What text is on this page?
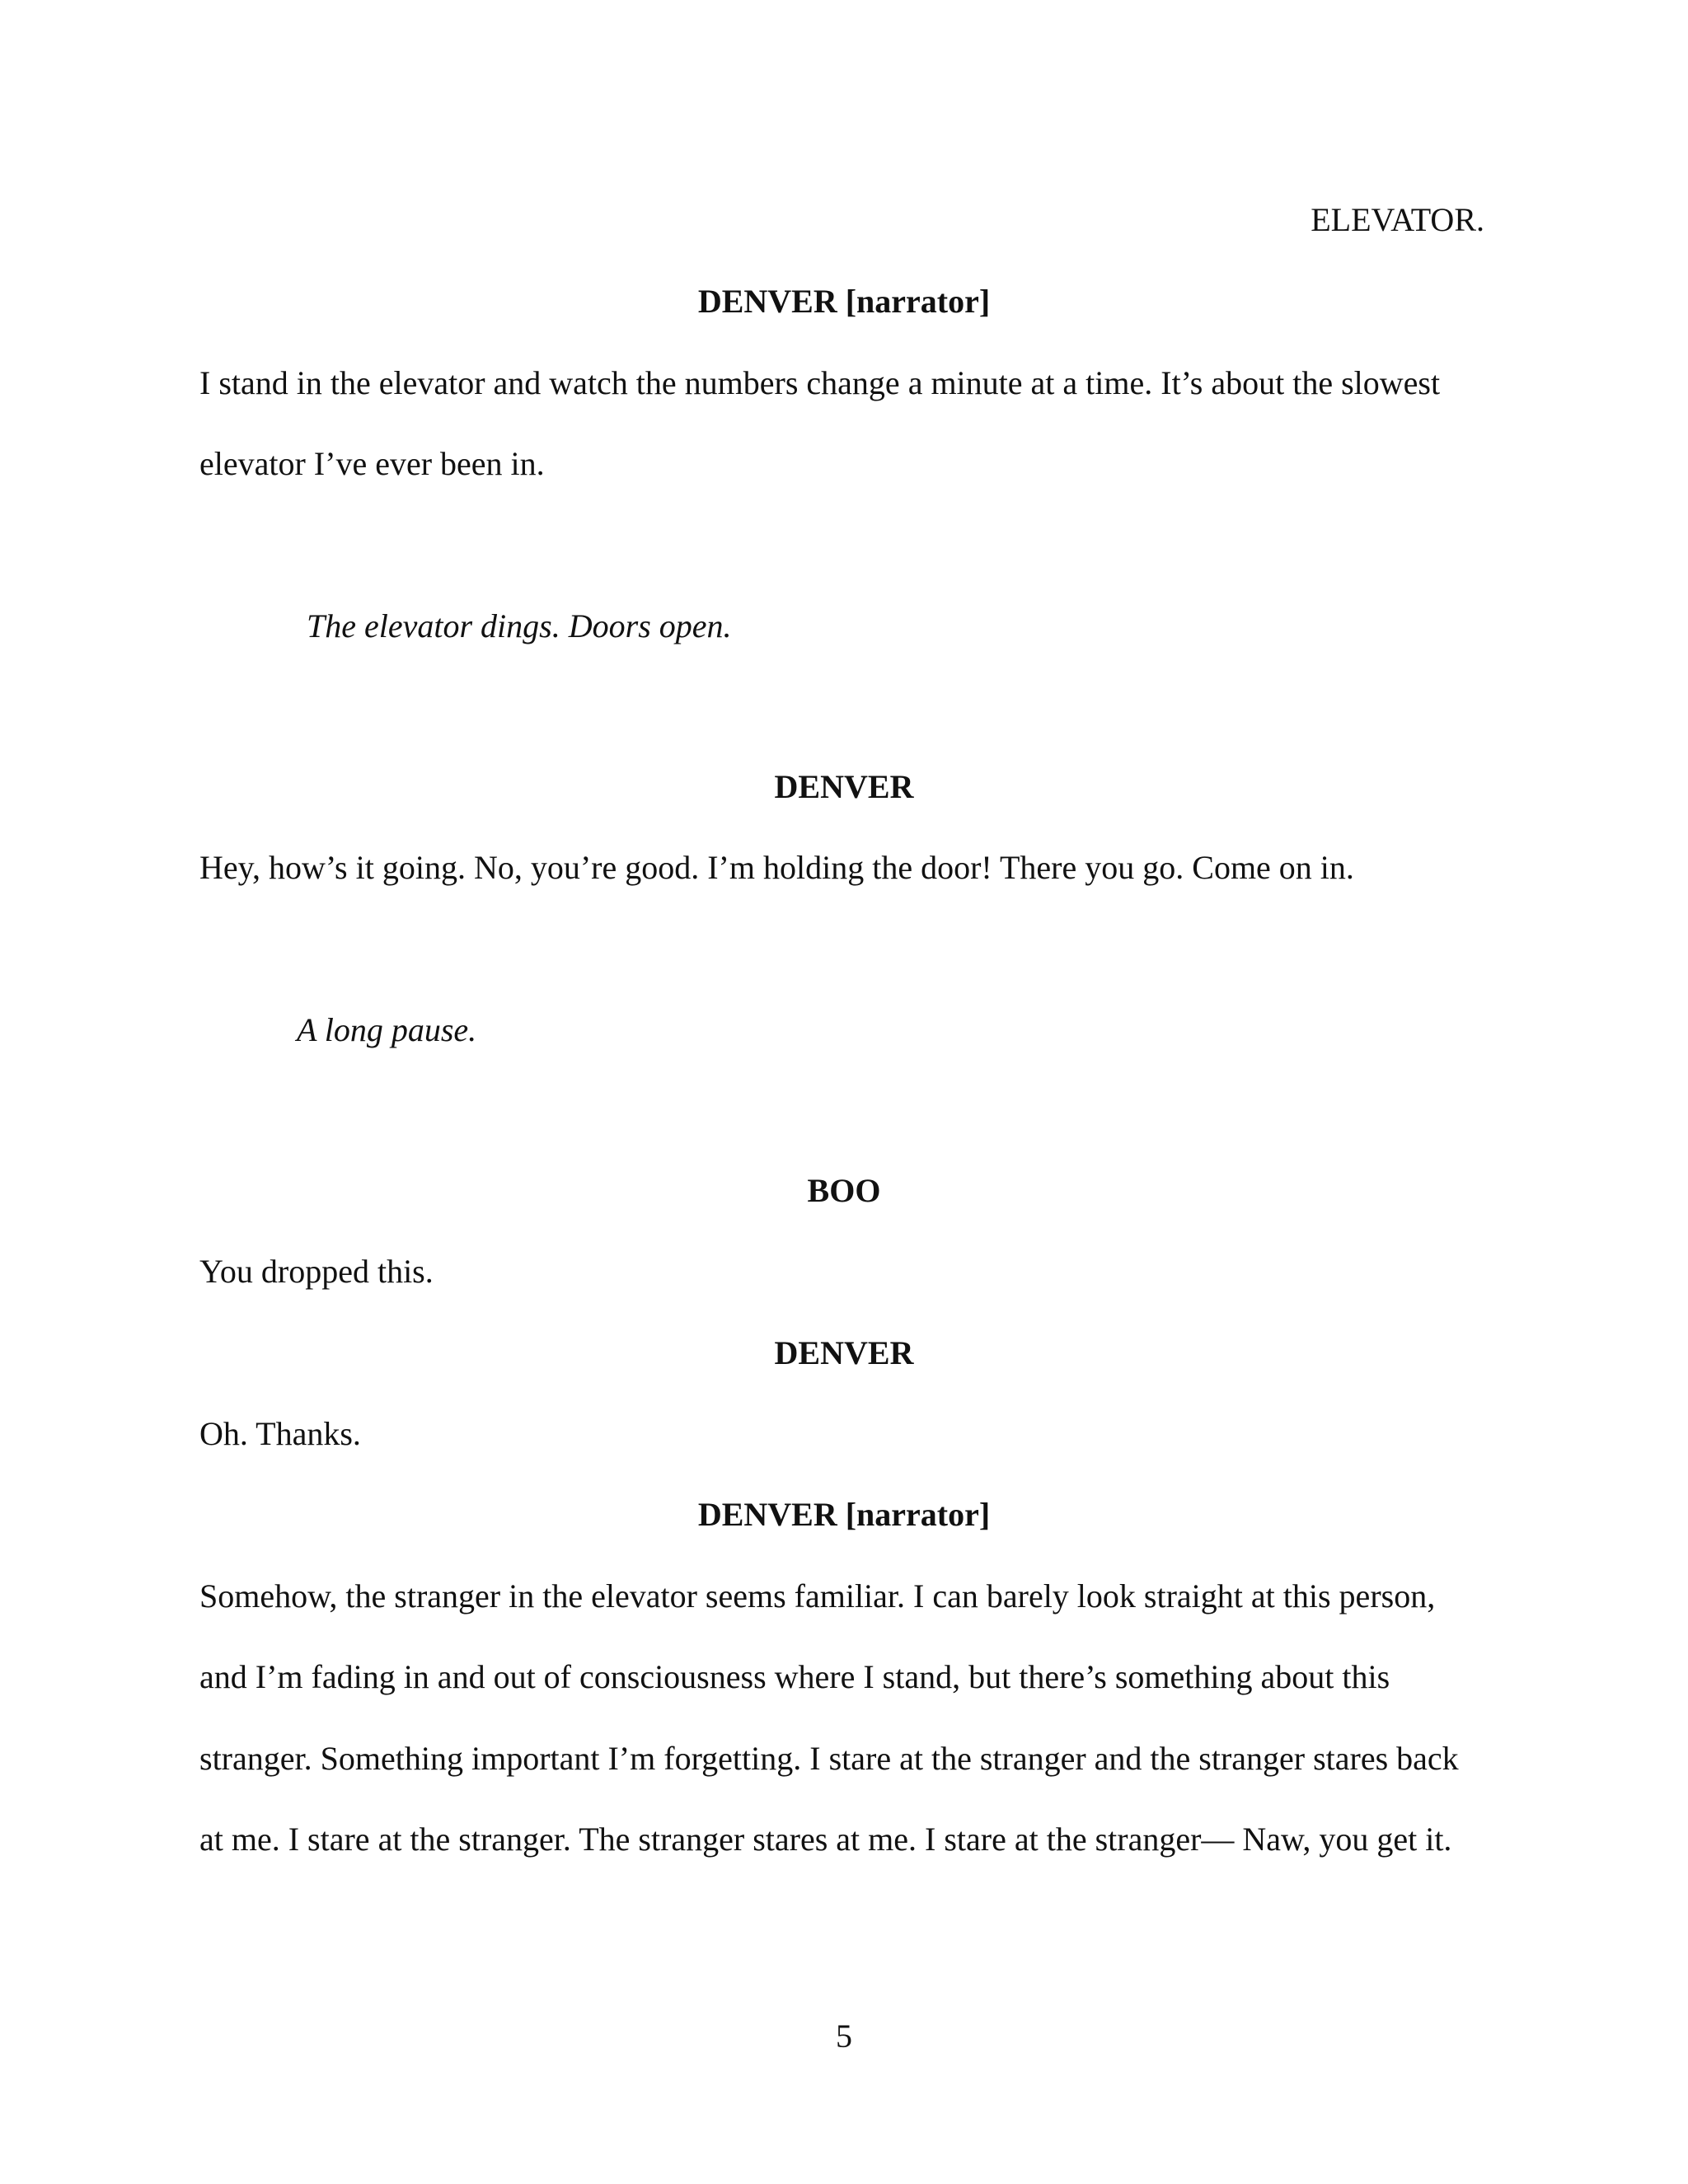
ELEVATOR.
DENVER [narrator]
I stand in the elevator and watch the numbers change a minute at a time. It’s about the slowest
elevator I’ve ever been in.
The elevator dings. Doors open.
DENVER
Hey, how’s it going. No, you’re good. I’m holding the door! There you go. Come on in.
A long pause.
BOO
You dropped this.
DENVER
Oh. Thanks.
DENVER [narrator]
Somehow, the stranger in the elevator seems familiar. I can barely look straight at this person,
and I’m fading in and out of consciousness where I stand, but there’s something about this
stranger. Something important I’m forgetting. I stare at the stranger and the stranger stares back
at me. I stare at the stranger. The stranger stares at me. I stare at the stranger— Naw, you get it.
5
